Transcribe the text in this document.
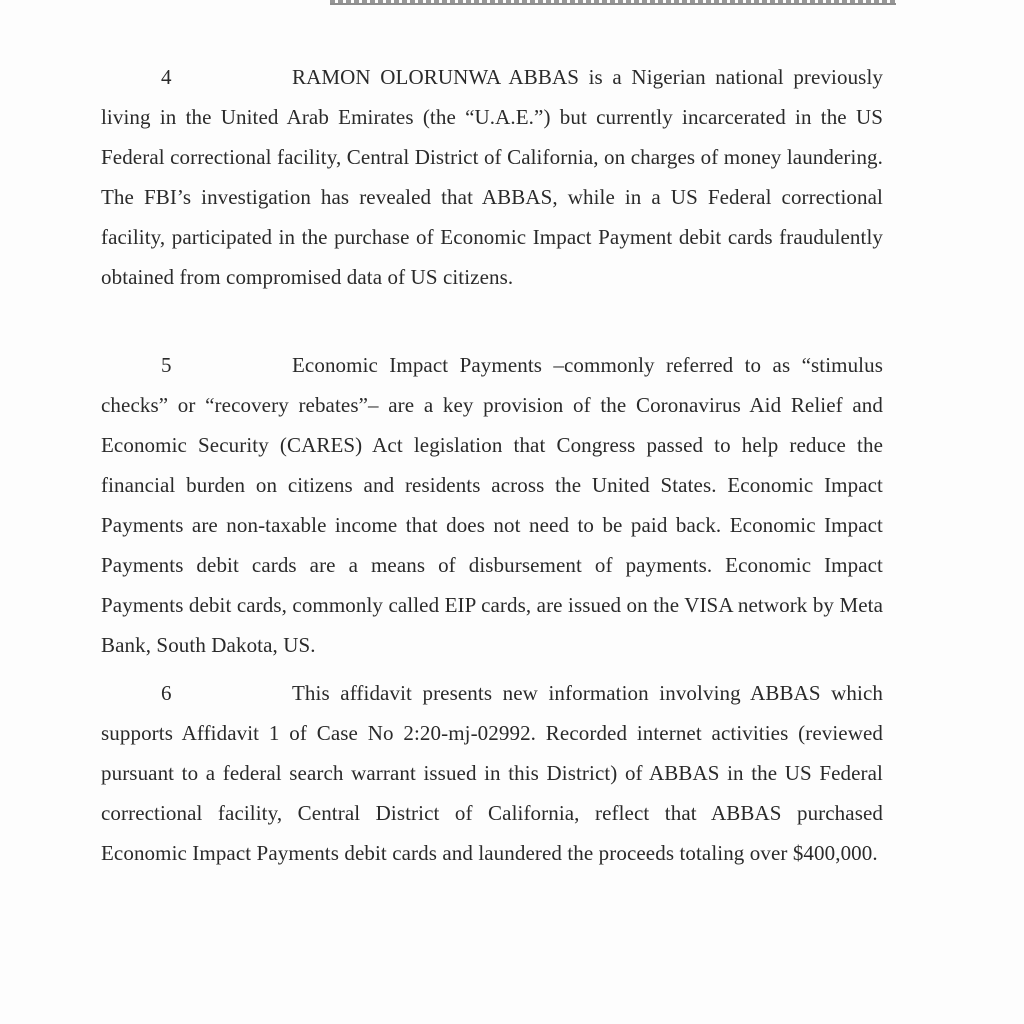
4	RAMON OLORUNWA ABBAS is a Nigerian national previously living in the United Arab Emirates (the “U.A.E.”) but currently incarcerated in the US Federal correctional facility, Central District of California, on charges of money laundering. The FBI’s investigation has revealed that ABBAS, while in a US Federal correctional facility, participated in the purchase of Economic Impact Payment debit cards fraudulently obtained from compromised data of US citizens.

5	Economic Impact Payments –commonly referred to as “stimulus checks” or “recovery rebates”– are a key provision of the Coronavirus Aid Relief and Economic Security (CARES) Act legislation that Congress passed to help reduce the financial burden on citizens and residents across the United States. Economic Impact Payments are non-taxable income that does not need to be paid back. Economic Impact Payments debit cards are a means of disbursement of payments. Economic Impact Payments debit cards, commonly called EIP cards, are issued on the VISA network by Meta Bank, South Dakota, US.

6	This affidavit presents new information involving ABBAS which supports Affidavit 1 of Case No 2:20-mj-02992. Recorded internet activities (reviewed pursuant to a federal search warrant issued in this District) of ABBAS in the US Federal correctional facility, Central District of California, reflect that ABBAS purchased Economic Impact Payments debit cards and laundered the proceeds totaling over $400,000.
